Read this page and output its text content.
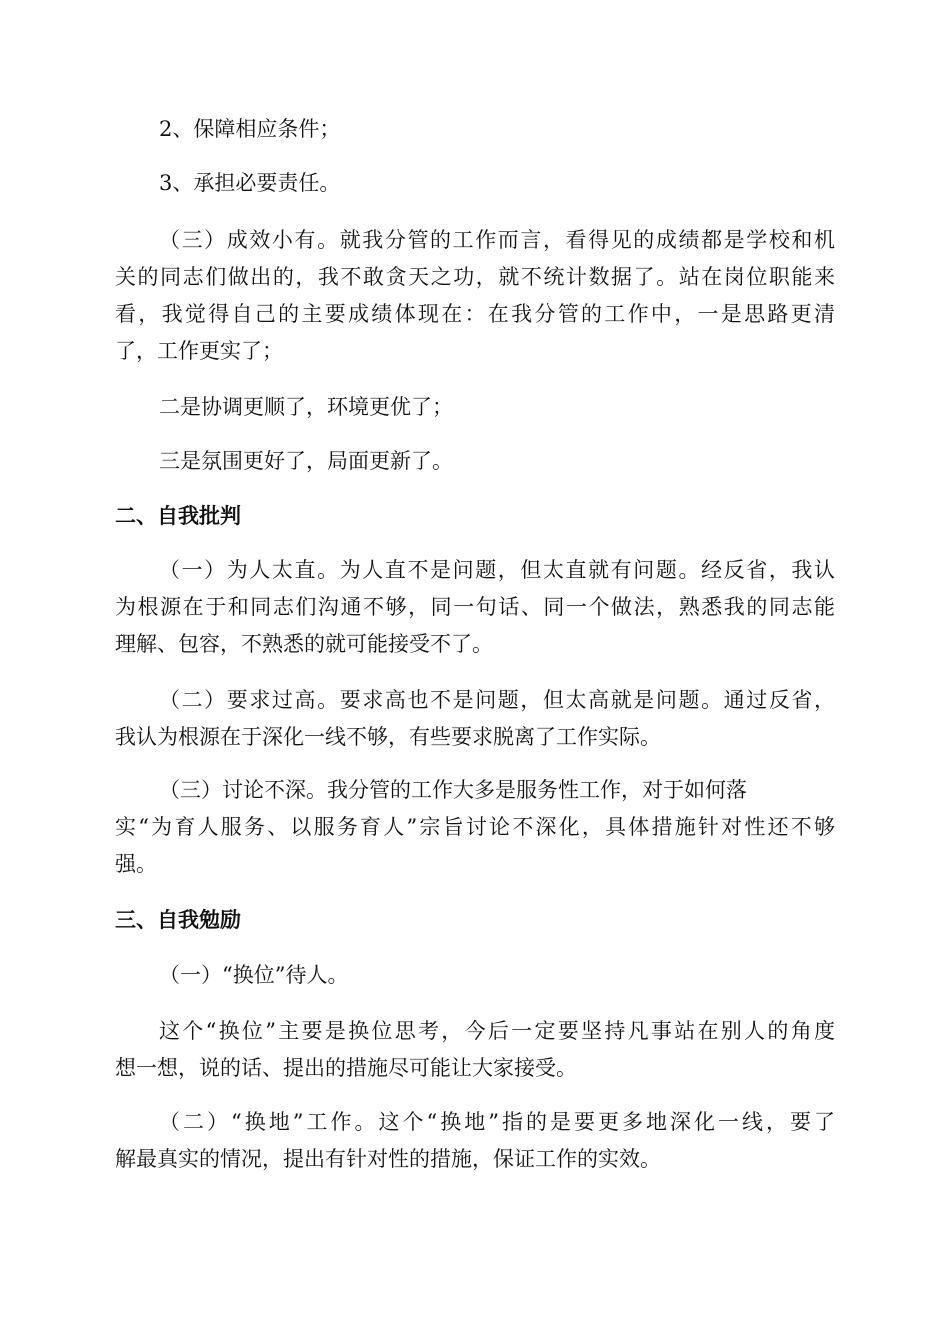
2、保障相应条件；

3、承担必要责任。

（三）成效小有。就我分管的工作而言，看得见的成绩都是学校和机
关的同志们做出的，我不敢贪天之功，就不统计数据了。站在岗位职能来
看，我觉得自己的主要成绩体现在：在我分管的工作中，一是思路更清
了，工作更实了；

二是协调更顺了，环境更优了；

三是氛围更好了，局面更新了。

二、自我批判

（一）为人太直。为人直不是问题，但太直就有问题。经反省，我认
为根源在于和同志们沟通不够，同一句话、同一个做法，熟悉我的同志能
理解、包容，不熟悉的就可能接受不了。

（二）要求过高。要求高也不是问题，但太高就是问题。通过反省，
我认为根源在于深化一线不够，有些要求脱离了工作实际。

（三）讨论不深。我分管的工作大多是服务性工作，对于如何落
实“为育人服务、以服务育人”宗旨讨论不深化，具体措施针对性还不够
强。

三、自我勉励

（一）“换位”待人。

这个“换位”主要是换位思考，今后一定要坚持凡事站在别人的角度
想一想，说的话、提出的措施尽可能让大家接受。

（二）“换地”工作。这个“换地”指的是要更多地深化一线，要了
解最真实的情况，提出有针对性的措施，保证工作的实效。
